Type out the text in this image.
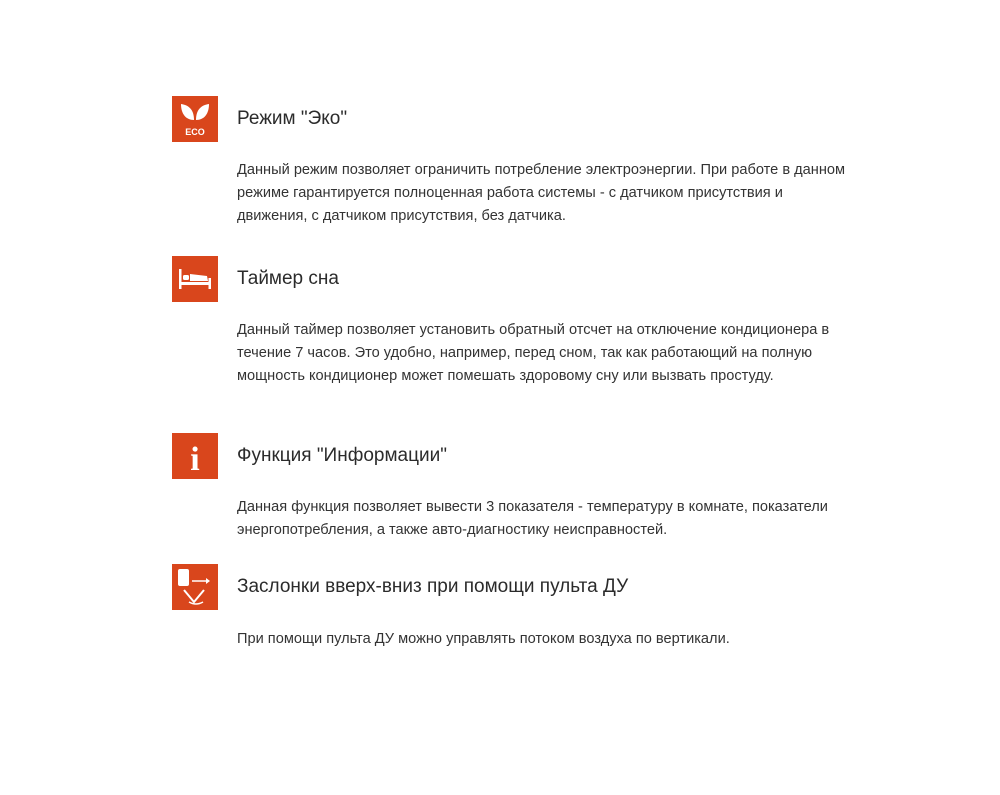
ECO
Режим "Эко"

Данный режим позволяет ограничить потребление электроэнергии. При работе в данном режиме гарантируется полноценная работа системы - с датчиком присутствия и движения, с датчиком присутствия, без датчика.

Таймер сна

Данный таймер позволяет установить обратный отсчет на отключение кондиционера в течение 7 часов. Это удобно, например, перед сном, так как работающий на полную мощность кондиционер может помешать здоровому сну или вызвать простуду.

i Функция "Информации"

Данная функция позволяет вывести 3 показателя - температуру в комнате, показатели энергопотребления, а также авто-диагностику неисправностей.

Заслонки вверх-вниз при помощи пульта ДУ

При помощи пульта ДУ можно управлять потоком воздуха по вертикали.
